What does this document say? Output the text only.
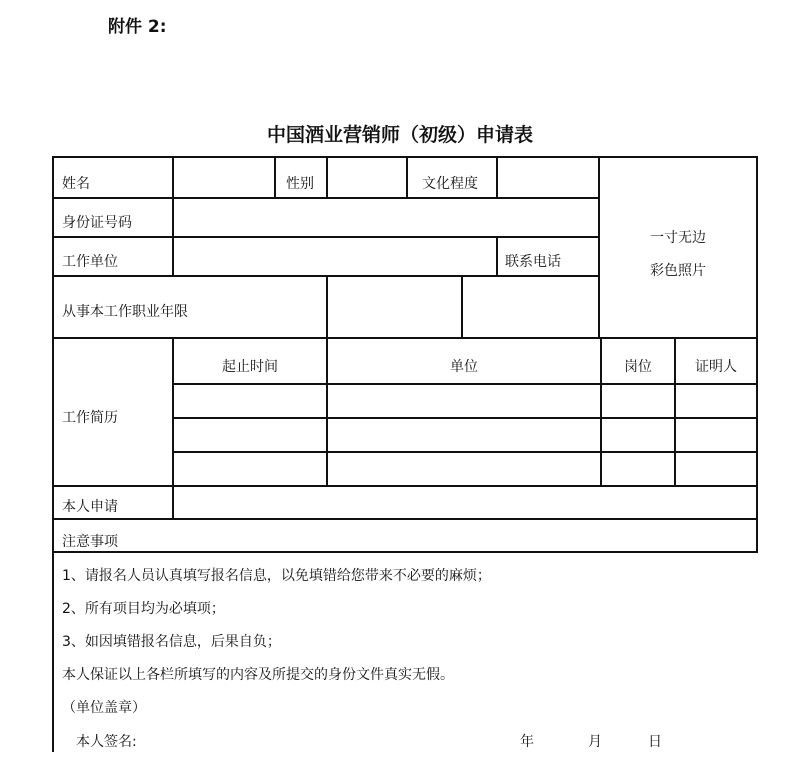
附件 2:
中国酒业营销师（初级）申请表
姓名	性别	文化程度
身份证号码
工作单位	联系电话
从事本工作职业年限
一寸无边
彩色照片
工作简历
起止时间	单位	岗位	证明人
本人申请
注意事项
1、请报名人员认真填写报名信息，以免填错给您带来不必要的麻烦；
2、所有项目均为必填项；
3、如因填错报名信息，后果自负；
本人保证以上各栏所填写的内容及所提交的身份文件真实无假。
（单位盖章）
本人签名:	年	月	日
